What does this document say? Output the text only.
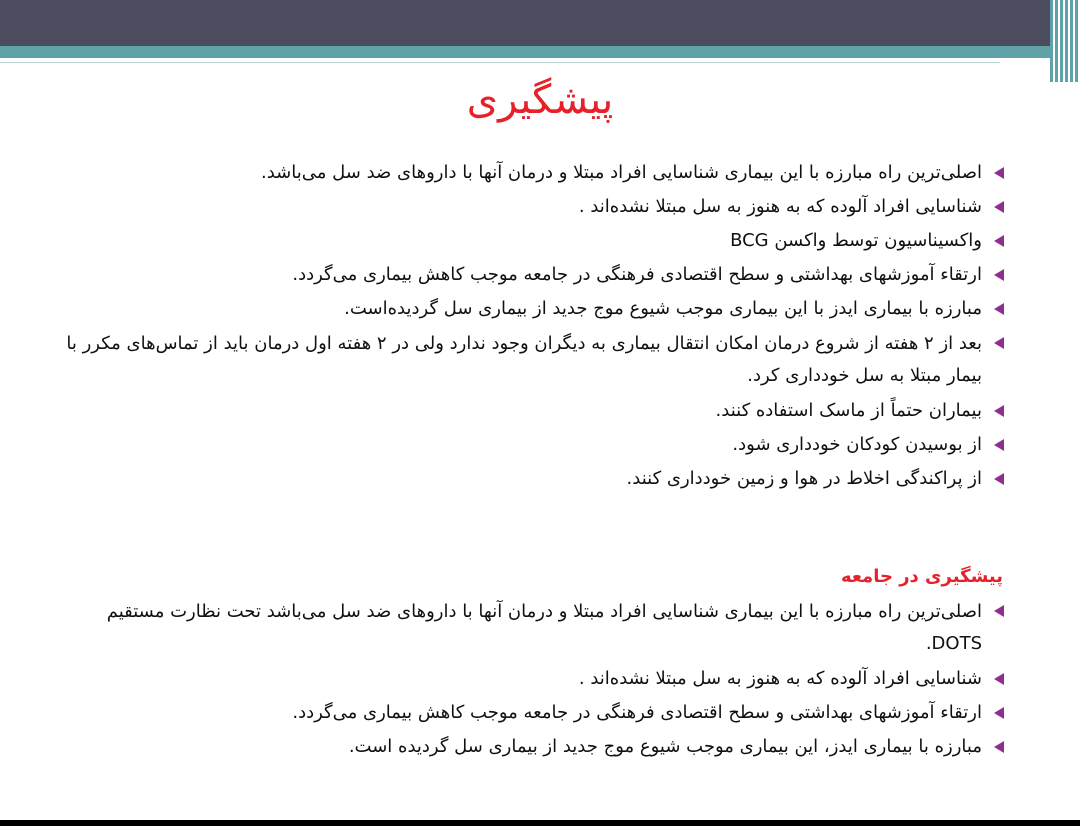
پیشگیری
اصلی‌ترین راه مبارزه با این بیماری شناسایی افراد مبتلا و درمان آنها با داروهای ضد سل می‌باشد.
شناسایی افراد آلوده که به هنوز به سل مبتلا نشده‌اند .
واکسیناسیون توسط واکسن BCG
ارتقاء آموزشهای بهداشتی و سطح اقتصادی فرهنگی در جامعه موجب کاهش بیماری می‌گردد.
مبارزه با بیماری ایدز با این بیماری موجب شیوع موج جدید از بیماری سل گردیده‌است.
بعد از ۲ هفته از شروع درمان امکان انتقال بیماری به دیگران وجود ندارد ولی در ۲ هفته اول درمان باید از تماس‌های مکرر با بیمار مبتلا به سل خودداری کرد.
بیماران حتماً از ماسک استفاده کنند.
از بوسیدن کودکان خودداری شود.
از پراکندگی اخلاط در هوا و زمین خودداری کنند.
پیشگیری در جامعه
اصلی‌ترین راه مبارزه با این بیماری شناسایی افراد مبتلا و درمان آنها با داروهای ضد سل می‌باشد تحت نظارت مستقیم DOTS.
شناسایی افراد آلوده که به هنوز به سل مبتلا نشده‌اند .
ارتقاء آموزشهای بهداشتی و سطح اقتصادی فرهنگی در جامعه موجب کاهش بیماری می‌گردد.
مبارزه با بیماری ایدز، این بیماری موجب شیوع موج جدید از بیماری سل گردیده است.
